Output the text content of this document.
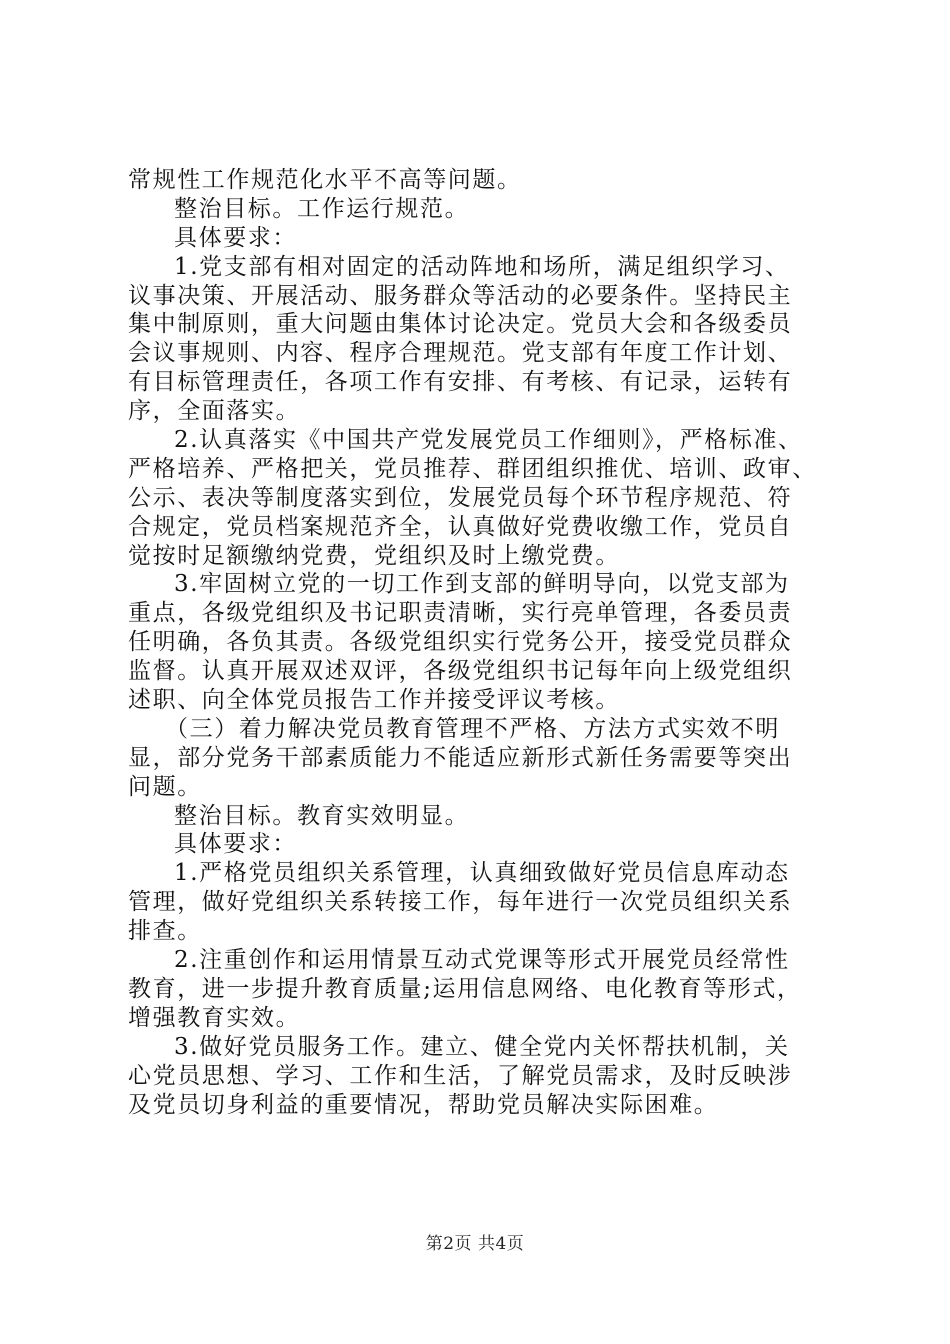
常规性工作规范化水平不高等问题。
整治目标。工作运行规范。
具体要求：
1.党支部有相对固定的活动阵地和场所，满足组织学习、
议事决策、开展活动、服务群众等活动的必要条件。坚持民主
集中制原则，重大问题由集体讨论决定。党员大会和各级委员
会议事规则、内容、程序合理规范。党支部有年度工作计划、
有目标管理责任，各项工作有安排、有考核、有记录，运转有
序，全面落实。
2.认真落实《中国共产党发展党员工作细则》，严格标准、
严格培养、严格把关，党员推荐、群团组织推优、培训、政审、
公示、表决等制度落实到位，发展党员每个环节程序规范、符
合规定，党员档案规范齐全，认真做好党费收缴工作，党员自
觉按时足额缴纳党费，党组织及时上缴党费。
3.牢固树立党的一切工作到支部的鲜明导向，以党支部为
重点，各级党组织及书记职责清晰，实行亮单管理，各委员责
任明确，各负其责。各级党组织实行党务公开，接受党员群众
监督。认真开展双述双评，各级党组织书记每年向上级党组织
述职、向全体党员报告工作并接受评议考核。
（三）着力解决党员教育管理不严格、方法方式实效不明
显，部分党务干部素质能力不能适应新形式新任务需要等突出
问题。
整治目标。教育实效明显。
具体要求：
1.严格党员组织关系管理，认真细致做好党员信息库动态
管理，做好党组织关系转接工作，每年进行一次党员组织关系
排查。
2.注重创作和运用情景互动式党课等形式开展党员经常性
教育，进一步提升教育质量;运用信息网络、电化教育等形式，
增强教育实效。
3.做好党员服务工作。建立、健全党内关怀帮扶机制，关
心党员思想、学习、工作和生活，了解党员需求，及时反映涉
及党员切身利益的重要情况，帮助党员解决实际困难。
第2页 共4页
